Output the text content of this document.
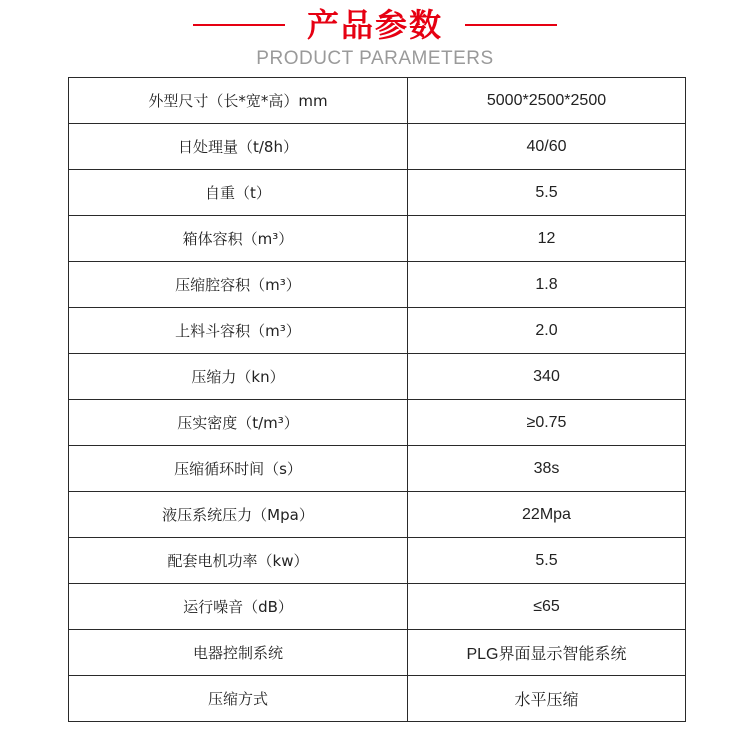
产品参数
PRODUCT PARAMETERS
外型尺寸（长*宽*高）mm	5000*2500*2500
日处理量（t/8h）	40/60
自重（t）	5.5
箱体容积（m³）	12
压缩腔容积（m³）	1.8
上料斗容积（m³）	2.0
压缩力（kn）	340
压实密度（t/m³）	≥0.75
压缩循环时间（s）	38s
液压系统压力（Mpa）	22Mpa
配套电机功率（kw）	5.5
运行噪音（dB）	≤65
电器控制系统	PLG界面显示智能系统
压缩方式	水平压缩
